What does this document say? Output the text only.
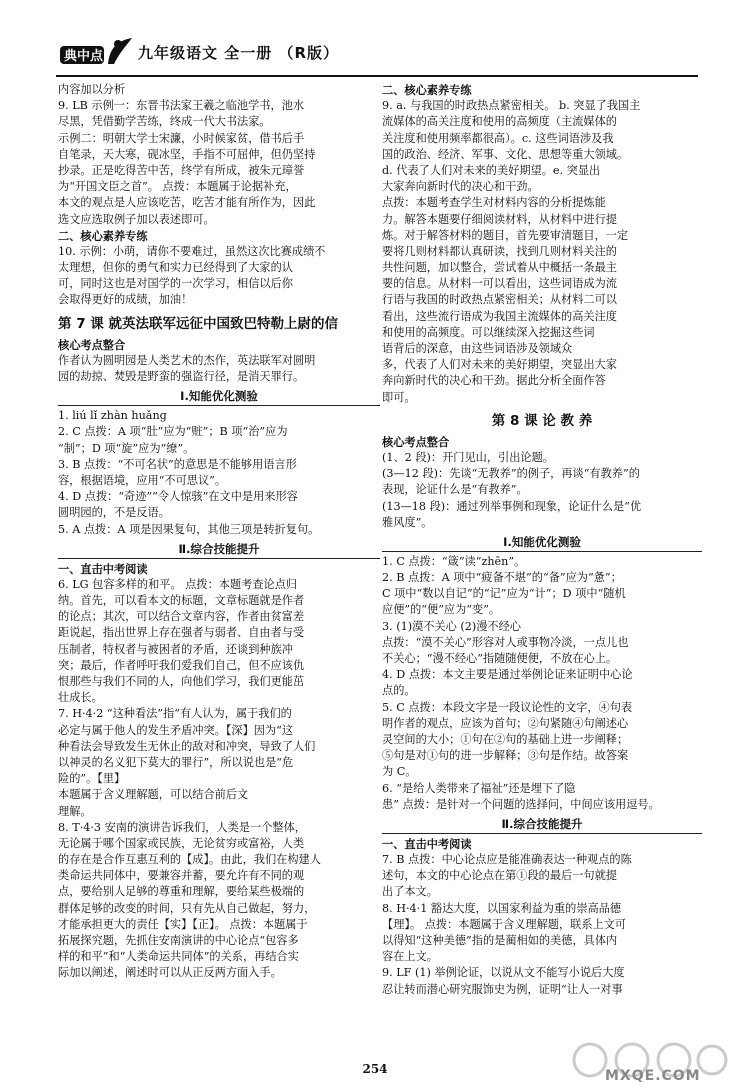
典中点 九年级语文 全一册 （R版）
内容加以分析
9. LB 示例一：东晋书法家王羲之临池学书，池水
尽黑，凭借勤学苦练，终成一代大书法家。
示例二：明朝大学士宋濂，小时候家贫，借书后手
自笔录，天大寒，砚冰坚，手指不可屈伸，但仍坚持
抄录。正是吃得苦中苦，终学有所成，被朱元璋誉
为“开国文臣之首”。 点拨：本题属于论据补充，
本文的观点是人应该吃苦，吃苦才能有所作为，因此
选文应选取例子加以表述即可。
二、核心素养专练
10. 示例：小萌，请你不要难过，虽然这次比赛成绩不
太理想，但你的勇气和实力已经得到了大家的认
可，同时这也是对国学的一次学习，相信以后你
会取得更好的成绩，加油！
第 7 课 就英法联军远征中国致巴特勒上尉的信
核心考点整合
作者认为圆明园是人类艺术的杰作，英法联军对圆明
园的劫掠、焚毁是野蛮的强盗行径，是消天罪行。
Ⅰ.知能优化测验
1. liú lǐ zhàn huǎng
2. C 点拨：A 项“肚”应为“赃”；B 项“治”应为
“制”；D 项“旋”应为“缭”。
3. B 点拨：“不可名状”的意思是不能够用语言形
容，根据语境，应用“不可思议”。
4. D 点拨：“奇迹”“令人惊骇”在文中是用来形容
圆明园的，不是反语。
5. A 点拨：A 项是因果复句，其他三项是转折复句。
Ⅱ.综合技能提升
一、直击中考阅读
6. LG 包容多样的和平。 点拨：本题考查论点归
纳。首先，可以看本文的标题，文章标题就是作者
的论点；其次，可以结合文章内容，作者由贫富差
距说起，指出世界上存在强者与弱者、自由者与受
压制者，特权者与被困者的矛盾，还谈到种族冲
突；最后，作者呼吁我们爱我们自己，但不应该仇
恨那些与我们不同的人，向他们学习，我们更能茁
壮成长。
7. H·4·2 “这种看法”指“有人认为，属于我们的
必定与属于他人的发生矛盾冲突。【深】因为“这
种看法会导致发生无休止的敌对和冲突，导致了人们
以神灵的名义犯下莫大的罪行”，所以说也是“危
险的”。【里】
本题属于含义理解题，可以结合前后文
理解。
8. T·4·3 安南的演讲告诉我们，人类是一个整体，
无论属于哪个国家或民族，无论贫穷或富裕，人类
的存在是合作互惠互利的【成】。由此，我们在构建人
类命运共同体中，要兼容并蓄，要允许有不同的观
点，要给别人足够的尊重和理解，要给某些极端的
群体足够的改变的时间，只有先从自己做起，努力，
才能承担更大的责任【实】【正】。 点拨：本题属于
拓展探究题，先抓住安南演讲的中心论点“包容多
样的和平”和“人类命运共同体”的关系，再结合实
际加以阐述，阐述时可以从正反两方面入手。
二、核心素养专练
9. a. 与我国的时政热点紧密相关。 b. 突显了我国主
流媒体的高关注度和使用的高频度（主流媒体的
关注度和使用频率都很高）。c. 这些词语涉及我
国的政治、经济、军事、文化、思想等重大领域。
d. 代表了人们对未来的美好期望。e. 突显出
大家奔向新时代的决心和干劲。
点拨：本题考查学生对材料内容的分析提炼能
力。解答本题要仔细阅读材料，从材料中进行提
炼。对于解答材料的题目，首先要审清题目，一定
要将几则材料都认真研读，找到几则材料关注的
共性问题，加以整合，尝试着从中概括一条最主
要的信息。从材料一可以看出，这些词语成为流
行语与我国的时政热点紧密相关；从材料二可以
看出，这些流行语成为我国主流媒体的高关注度
和使用的高频度。可以继续深入挖掘这些词
语背后的深意，由这些词语涉及领域众
多，代表了人们对未来的美好期望，突显出大家
奔向新时代的决心和干劲。据此分析全面作答
即可。
第 8 课 论 教 养
核心考点整合
(1、2 段)：开门见山，引出论题。
(3—12 段)：先谈“无教养”的例子，再谈“有教养”的
表现，论证什么是“有教养”。
(13—18 段)：通过列举事例和现象，论证什么是“优
雅风度”。
Ⅰ.知能优化测验
1. C 点拨：“箴”读“zhēn”。
2. B 点拨：A 项中“疲备不堪”的“备”应为“惫”；
C 项中“数以自记”的“记”应为“计”；D 项中“随机
应便”的“便”应为“变”。
3. (1)漠不关心 (2)漫不经心
点拨：“漠不关心”形容对人或事物冷淡，一点儿也
不关心；“漫不经心”指随随便便，不放在心上。
4. D 点拨：本文主要是通过举例论证来证明中心论
点的。
5. C 点拨：本段文字是一段议论性的文字，④句表
明作者的观点，应该为首句；②句紧随④句阐述心
灵空间的大小；①句在②句的基础上进一步阐释；
⑤句是对①句的进一步解释；③句是作结。故答案
为 C。
6. “是给人类带来了福祉”还是埋下了隐
患” 点拨：是针对一个问题的选择问，中间应该用逗号。
Ⅱ.综合技能提升
一、直击中考阅读
7. B 点拨：中心论点应是能准确表达一种观点的陈
述句，本文的中心论点在第①段的最后一句就提
出了本文。
8. H·4·1 豁达大度，以国家利益为重的崇高品德
【理】。 点拨：本题属于含义理解题，联系上文可
以得知“这种美德”指的是蔺相如的美德，具体内
容在上文。
9. LF (1) 举例论证，以说从文不能写小说后大度
忍让转而潜心研究服饰史为例，证明“让人一对事
254	MXQE.COM
